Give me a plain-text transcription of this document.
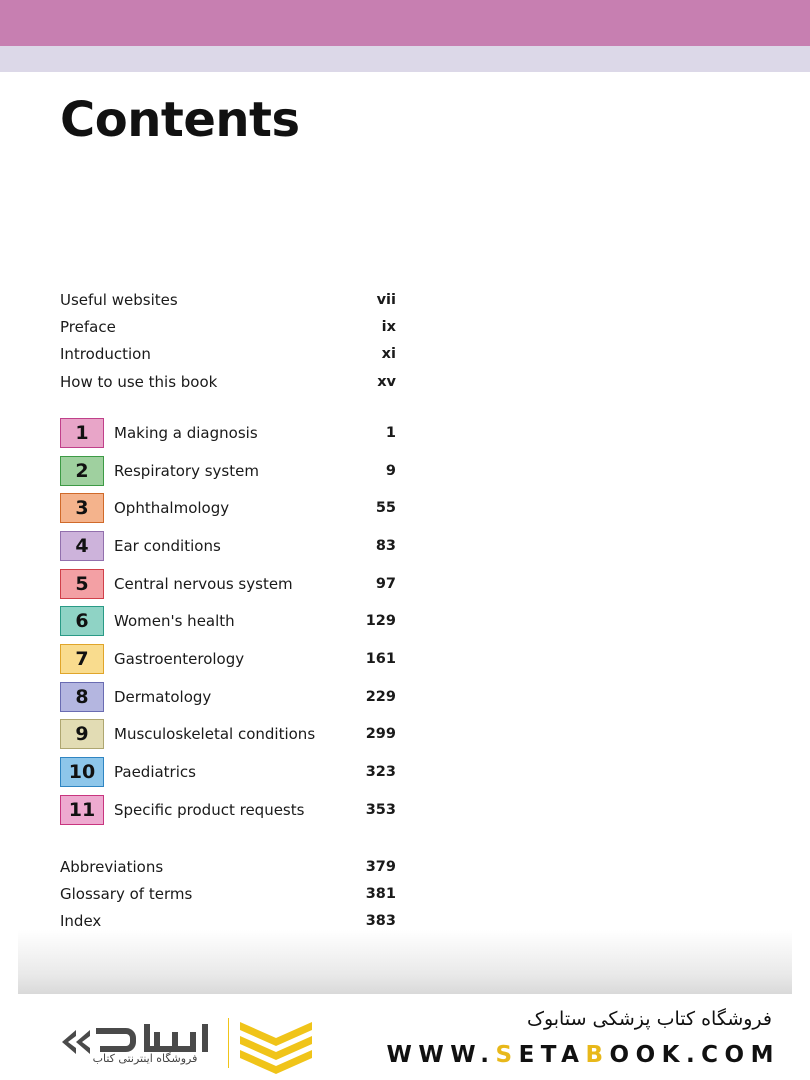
Contents
Useful websites	vii
Preface	ix
Introduction	xi
How to use this book	xv
1	Making a diagnosis	1
2	Respiratory system	9
3	Ophthalmology	55
4	Ear conditions	83
5	Central nervous system	97
6	Women's health	129
7	Gastroenterology	161
8	Dermatology	229
9	Musculoskeletal conditions	299
10	Paediatrics	323
11	Specific product requests	353
Abbreviations	379
Glossary of terms	381
Index	383
فروشگاه اینترنتی کتاب
فروشگاه کتاب پزشکی ستابوک
WWW.SETABOOK.COM
